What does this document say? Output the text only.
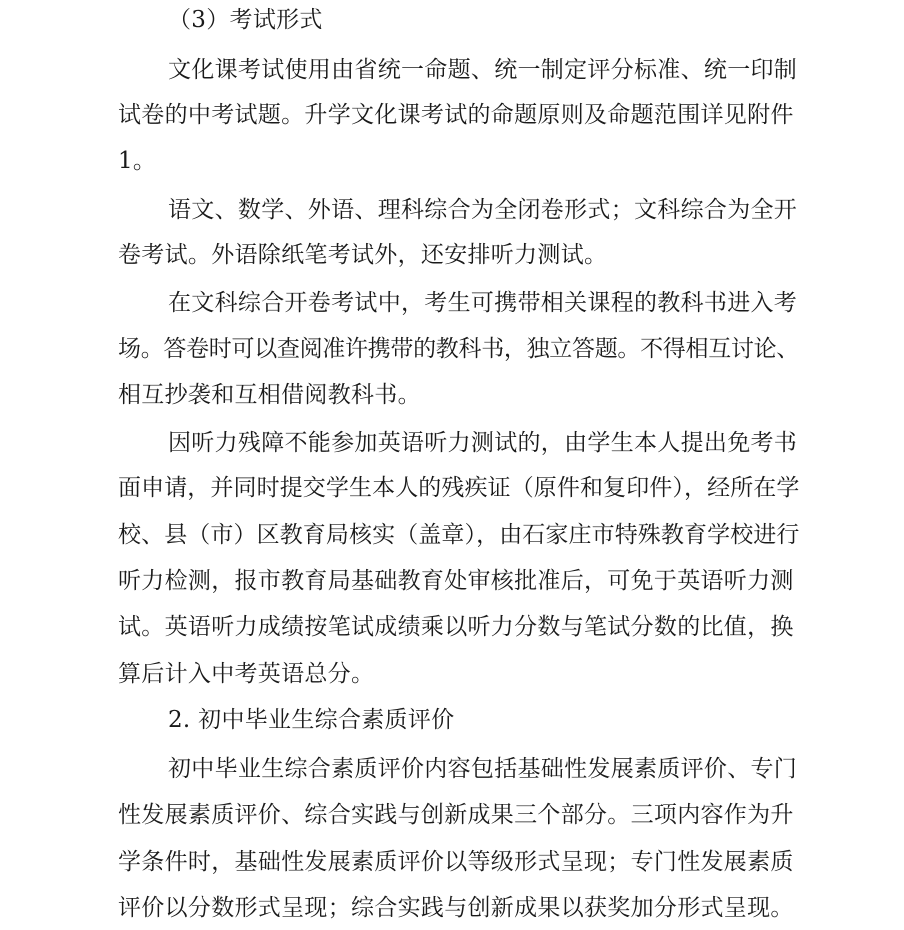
（3）考试形式
文化课考试使用由省统一命题、统一制定评分标准、统一印制
试卷的中考试题。升学文化课考试的命题原则及命题范围详见附件
1。
语文、数学、外语、理科综合为全闭卷形式；文科综合为全开
卷考试。外语除纸笔考试外，还安排听力测试。
在文科综合开卷考试中，考生可携带相关课程的教科书进入考
场。答卷时可以查阅准许携带的教科书，独立答题。不得相互讨论、
相互抄袭和互相借阅教科书。
因听力残障不能参加英语听力测试的，由学生本人提出免考书
面申请，并同时提交学生本人的残疾证（原件和复印件），经所在学
校、县（市）区教育局核实（盖章），由石家庄市特殊教育学校进行
听力检测，报市教育局基础教育处审核批准后，可免于英语听力测
试。英语听力成绩按笔试成绩乘以听力分数与笔试分数的比值，换
算后计入中考英语总分。
2. 初中毕业生综合素质评价
初中毕业生综合素质评价内容包括基础性发展素质评价、专门
性发展素质评价、综合实践与创新成果三个部分。三项内容作为升
学条件时，基础性发展素质评价以等级形式呈现；专门性发展素质
评价以分数形式呈现；综合实践与创新成果以获奖加分形式呈现。
